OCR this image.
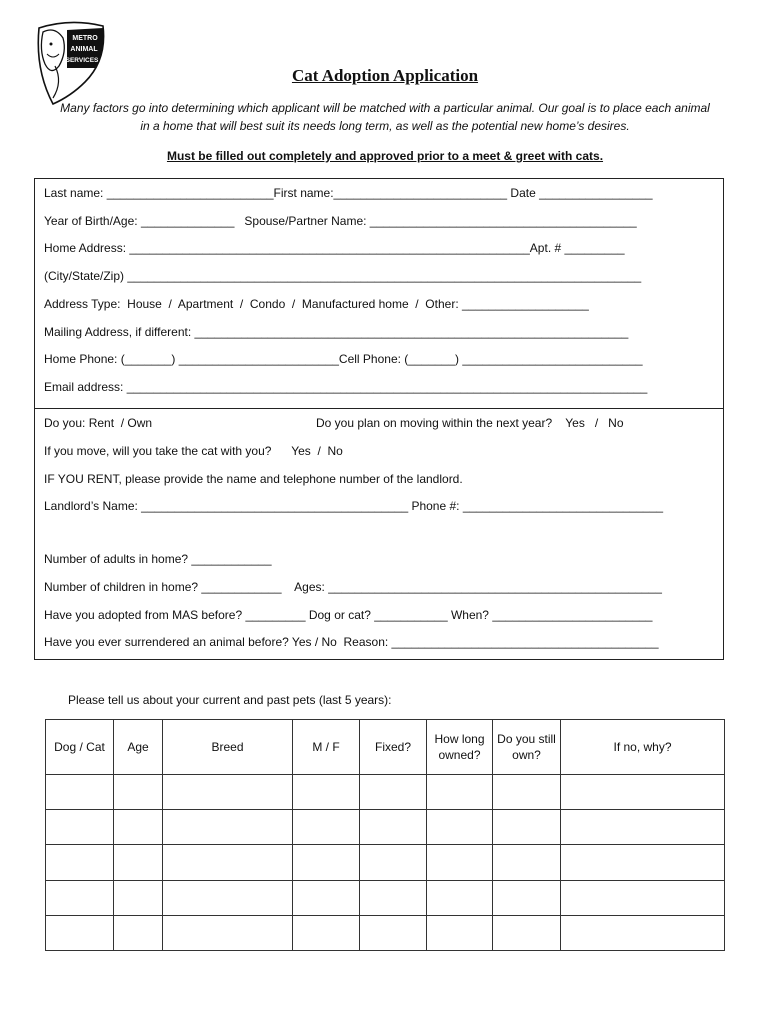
METRO
ANIMAL
SERVICES
Cat Adoption Application
Many factors go into determining which applicant will be matched with a particular animal. Our goal is to place each animal in a home that will best suit its needs long term, as well as the potential new home’s desires.
Must be filled out completely and approved prior to a meet & greet with cats.
Last name: _________________________First name:__________________________ Date _________________
Year of Birth/Age: ______________   Spouse/Partner Name: ________________________________________
Home Address: ____________________________________________________________Apt. # _________
(City/State/Zip) _____________________________________________________________________________
Address Type:  House  /  Apartment  /  Condo  /  Manufactured home  /  Other: ___________________
Mailing Address, if different: _________________________________________________________________
Home Phone: (_______) ________________________Cell Phone: (_______) ___________________________
Email address: ______________________________________________________________________________
Do you: Rent  / Own	Do you plan on moving within the next year?    Yes   /   No
If you move, will you take the cat with you?      Yes  /  No
IF YOU RENT, please provide the name and telephone number of the landlord.
Landlord’s Name: ________________________________________ Phone #: ______________________________
Number of adults in home? ____________
Number of children in home? ____________    Ages: __________________________________________________
Have you adopted from MAS before? _________ Dog or cat? ___________ When? ________________________
Have you ever surrendered an animal before? Yes / No  Reason: ________________________________________
Please tell us about your current and past pets (last 5 years):
Dog / Cat	Age	Breed	M / F	Fixed?	How long owned?	Do you still own?	If no, why?
